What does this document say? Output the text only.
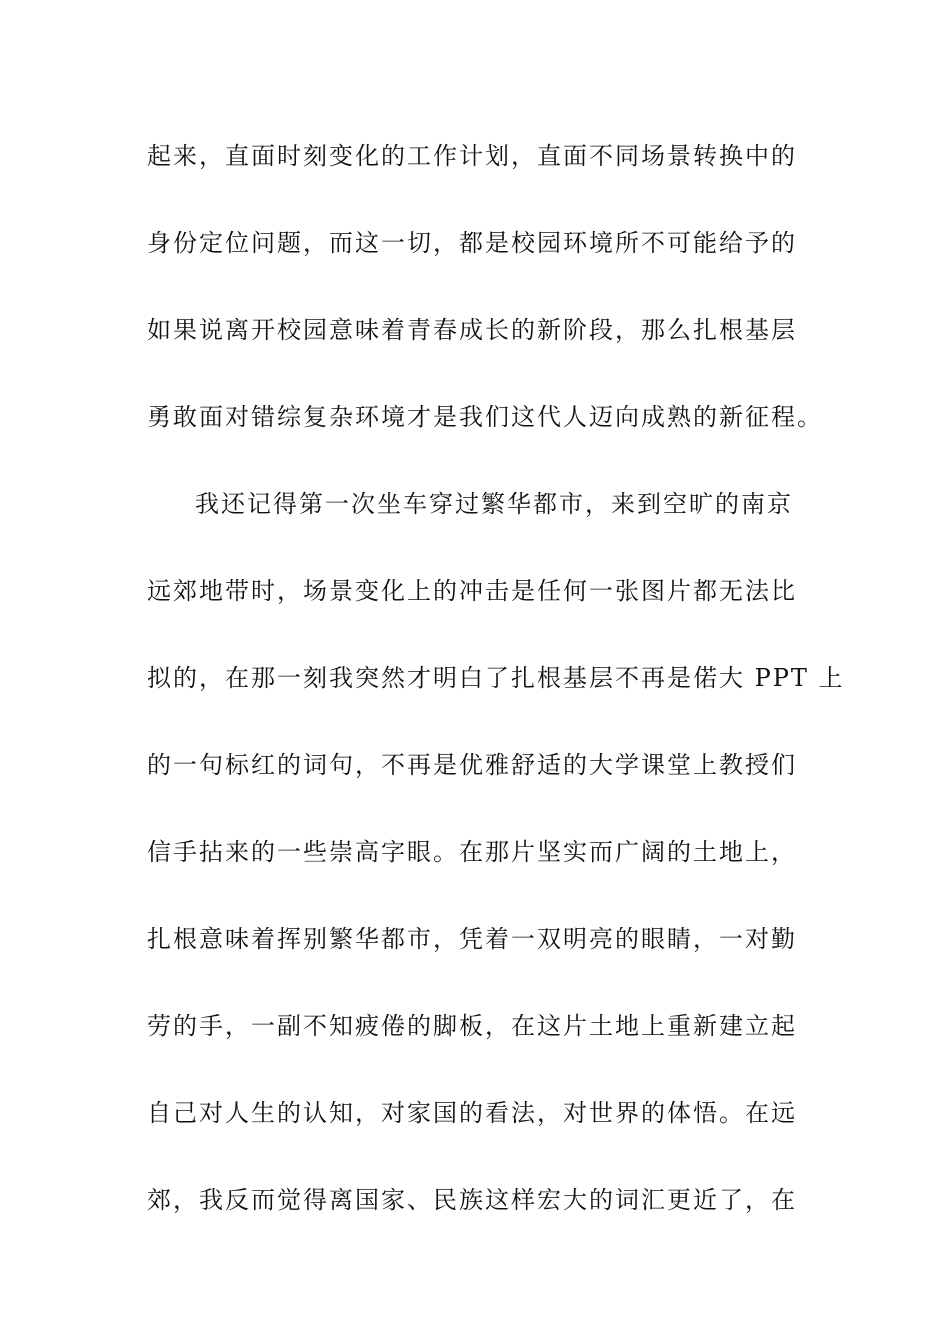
起来，直面时刻变化的工作计划，直面不同场景转换中的
身份定位问题，而这一切，都是校园环境所不可能给予的
如果说离开校园意味着青春成长的新阶段，那么扎根基层
勇敢面对错综复杂环境才是我们这代人迈向成熟的新征程。
我还记得第一次坐车穿过繁华都市，来到空旷的南京
远郊地带时，场景变化上的冲击是任何一张图片都无法比
拟的，在那一刻我突然才明白了扎根基层不再是偌大 PPT 上
的一句标红的词句，不再是优雅舒适的大学课堂上教授们
信手拈来的一些崇高字眼。在那片坚实而广阔的土地上，
扎根意味着挥别繁华都市，凭着一双明亮的眼睛，一对勤
劳的手，一副不知疲倦的脚板，在这片土地上重新建立起
自己对人生的认知，对家国的看法，对世界的体悟。在远
郊，我反而觉得离国家、民族这样宏大的词汇更近了，在
